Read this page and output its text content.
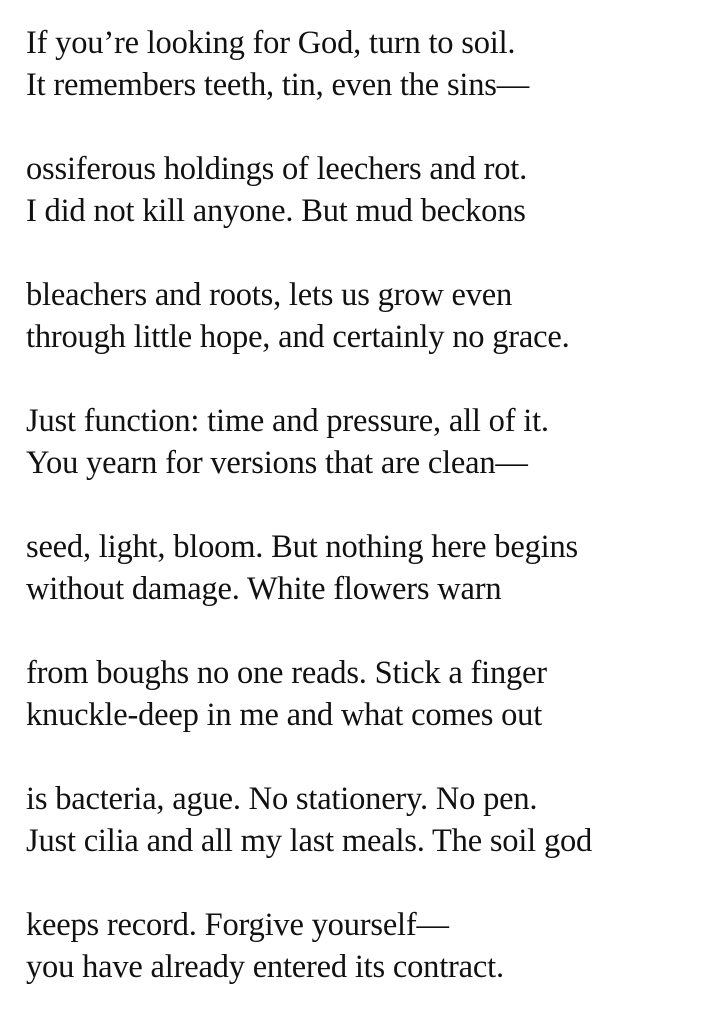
If you’re looking for God, turn to soil.
It remembers teeth, tin, even the sins—
ossiferous holdings of leechers and rot.
I did not kill anyone. But mud beckons
bleachers and roots, lets us grow even
through little hope, and certainly no grace.
Just function: time and pressure, all of it.
You yearn for versions that are clean—
seed, light, bloom. But nothing here begins
without damage. White flowers warn
from boughs no one reads. Stick a finger
knuckle-deep in me and what comes out
is bacteria, ague. No stationery. No pen.
Just cilia and all my last meals. The soil god
keeps record. Forgive yourself—
you have already entered its contract.
